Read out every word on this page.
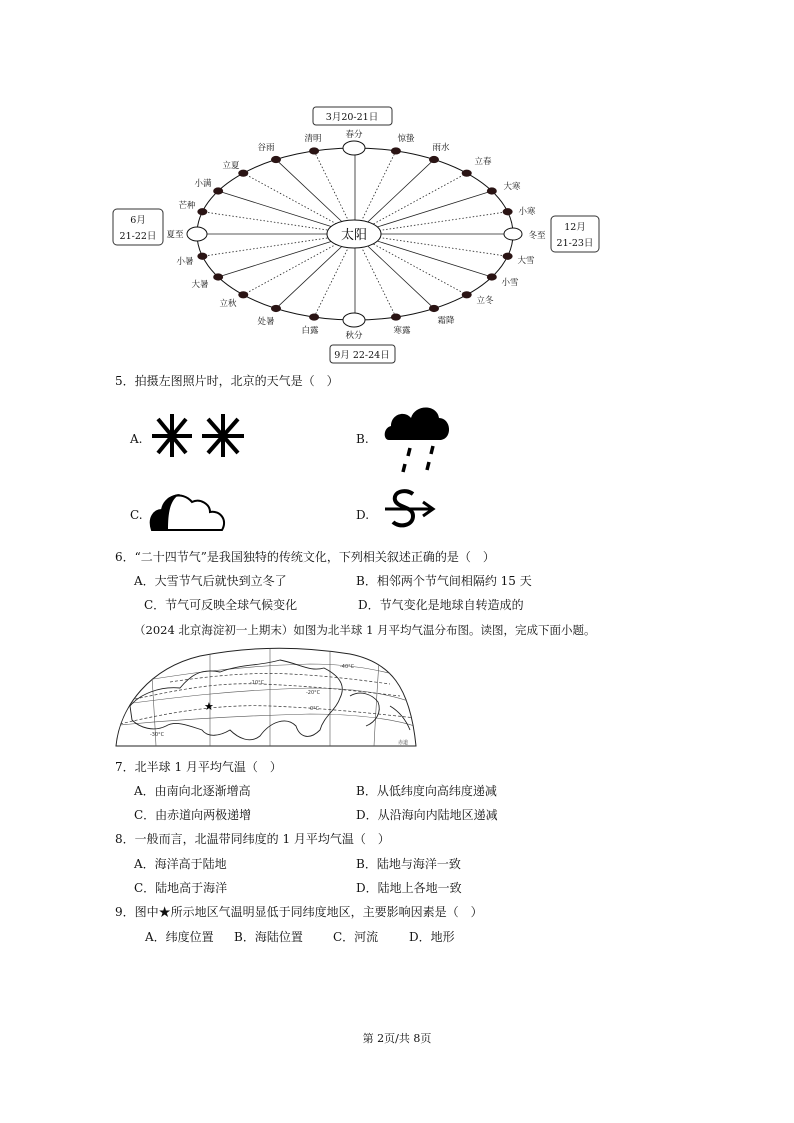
太阳
3月20-21日
9月 22-24日
6月
21-22日
12月
21-23日
春分
清明
谷雨
立夏
小满
芒种
夏至
小暑
大暑
立秋
处暑
白露	秋分	寒露
霜降
立冬
小雪
大雪
冬至
小寒
大寒
立春
雨水
惊蛰
5．拍摄左图照片时，北京的天气是（　）
A.	B.
C.	D.
6．“二十四节气”是我国独特的传统文化，下列相关叙述正确的是（　）
A．大雪节气后就快到立冬了	B．相邻两个节气间相隔约 15 天
C．节气可反映全球气候变化	D．节气变化是地球自转造成的
（2024 北京海淀初一上期末）如图为北半球 1 月平均气温分布图。读图，完成下面小题。
0°C
-10°C
-20°C
-30°C
-40°C
赤道
★
7．北半球 1 月平均气温（　）
A．由南向北逐渐增高	B．从低纬度向高纬度递减
C．由赤道向两极递增	D．从沿海向内陆地区递减
8．一般而言，北温带同纬度的 1 月平均气温（　）
A．海洋高于陆地	B．陆地与海洋一致
C．陆地高于海洋	D．陆地上各地一致
9．图中★所示地区气温明显低于同纬度地区，主要影响因素是（　）
A．纬度位置 B．海陆位置	C．河流	D．地形
第 2页/共 8页
